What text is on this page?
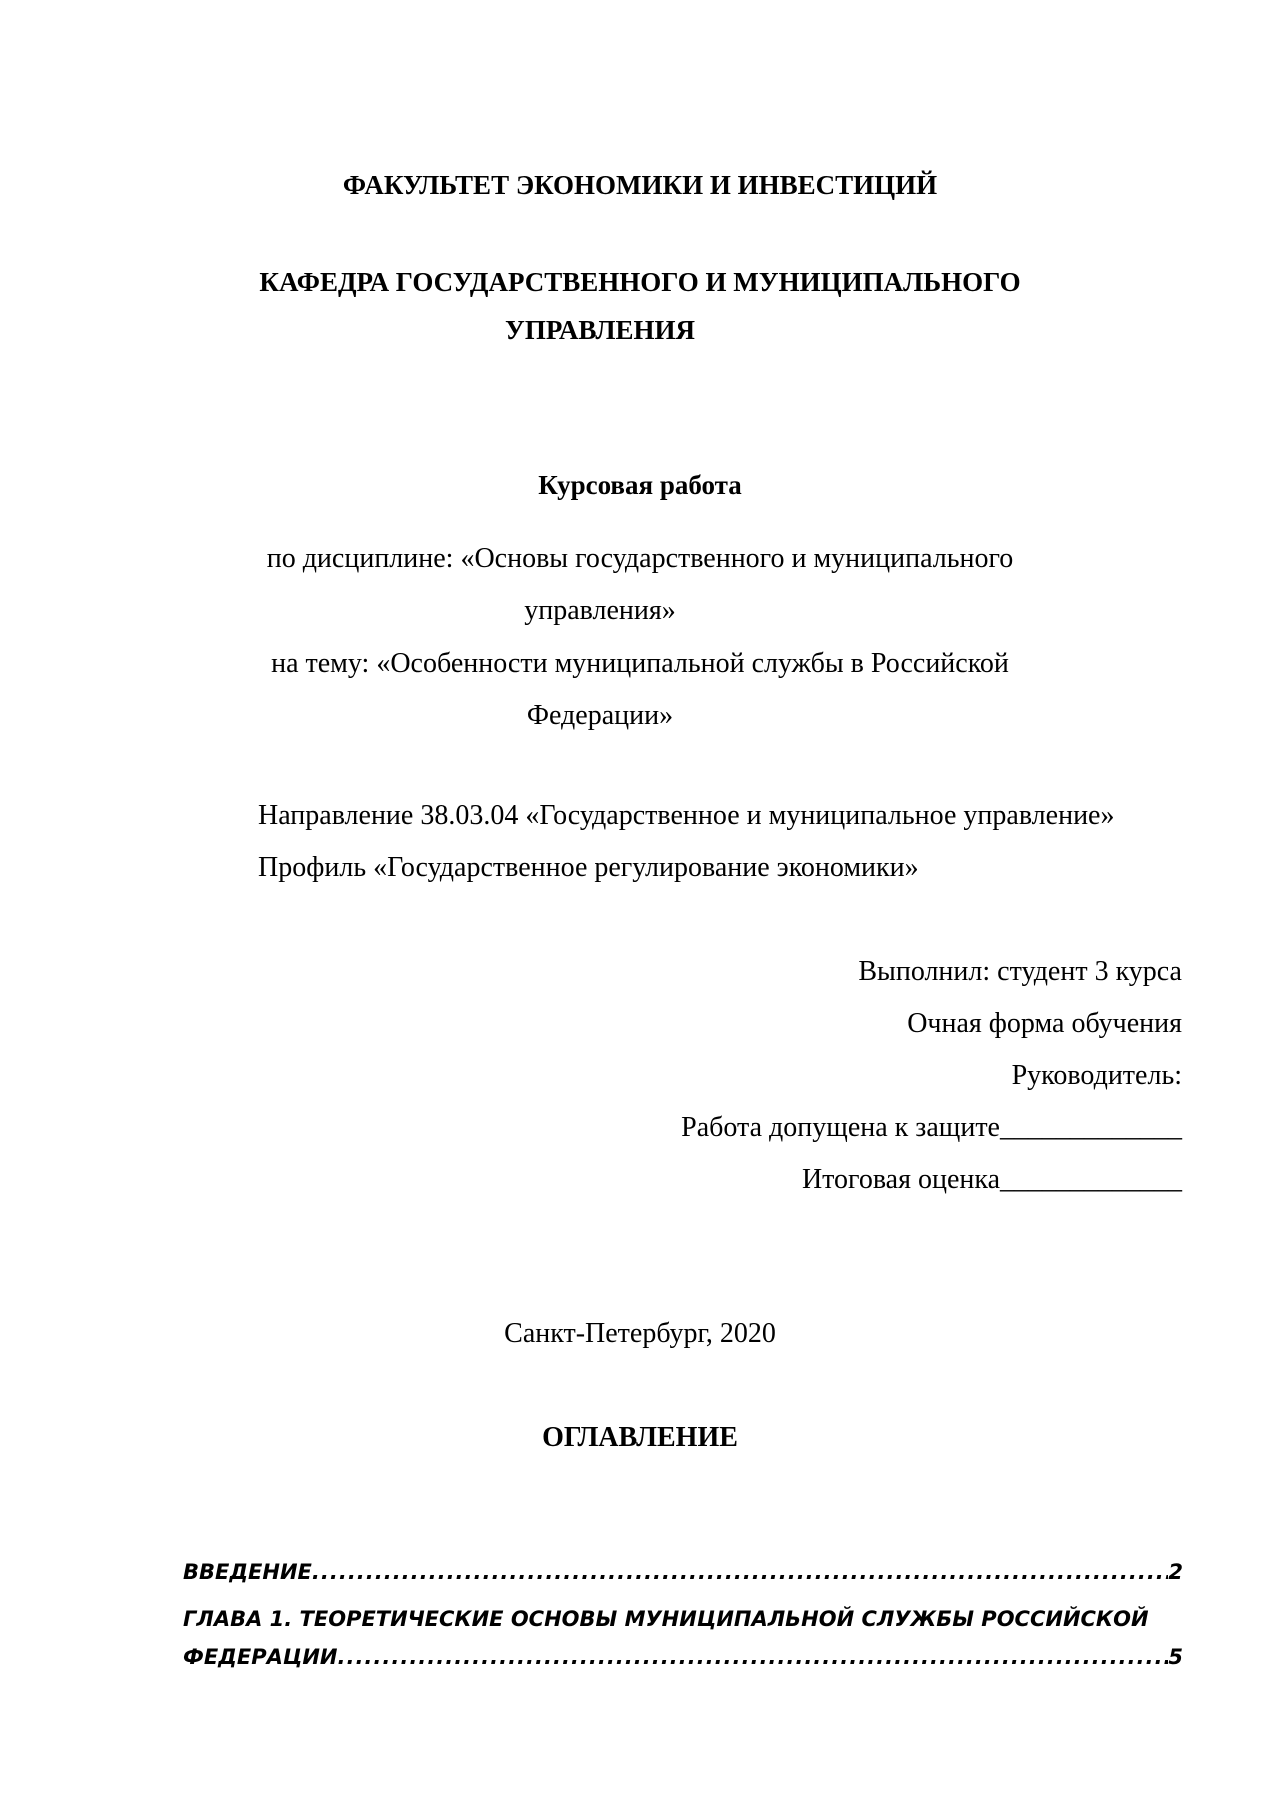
ФАКУЛЬТЕТ ЭКОНОМИКИ И ИНВЕСТИЦИЙ
КАФЕДРА ГОСУДАРСТВЕННОГО И МУНИЦИПАЛЬНОГО
УПРАВЛЕНИЯ
Курсовая работа
по дисциплине: «Основы государственного и муниципального
управления»
на тему: «Особенности муниципальной службы в Российской
Федерации»
Направление 38.03.04 «Государственное и муниципальное управление»
Профиль «Государственное регулирование экономики»
Выполнил: студент 3 курса
Очная форма обучения
Руководитель:
Работа допущена к защите_____________
Итоговая оценка_____________
Санкт-Петербург, 2020
ОГЛАВЛЕНИЕ
ВВЕДЕНИЕ .....	2
ГЛАВА 1. ТЕОРЕТИЧЕСКИЕ ОСНОВЫ МУНИЦИПАЛЬНОЙ СЛУЖБЫ РОССИЙСКОЙ
ФЕДЕРАЦИИ .....	5
